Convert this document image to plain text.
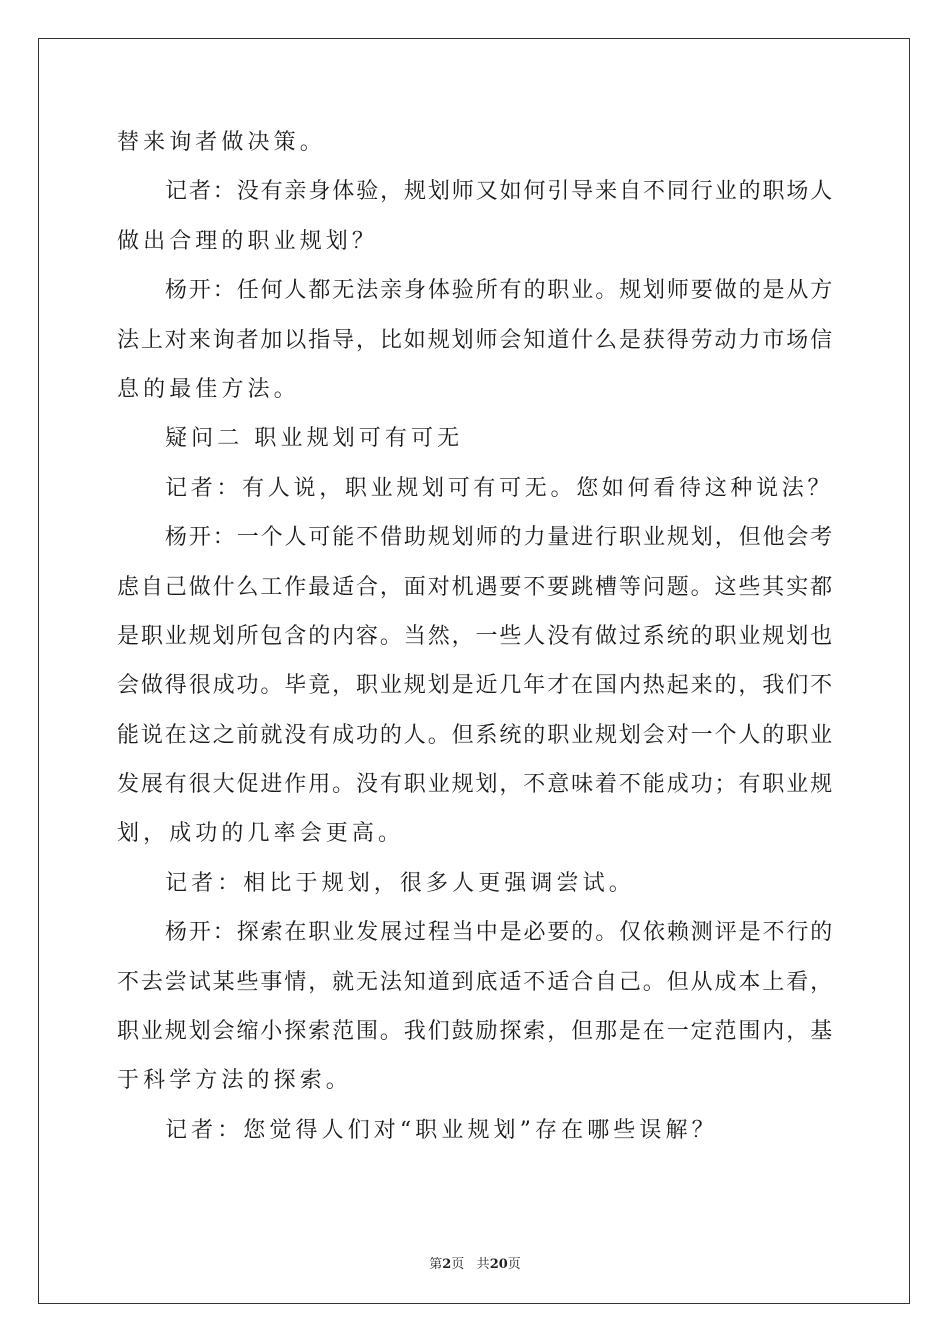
替来询者做决策。
记者：没有亲身体验，规划师又如何引导来自不同行业的职场人
做出合理的职业规划？
杨开：任何人都无法亲身体验所有的职业。规划师要做的是从方
法上对来询者加以指导，比如规划师会知道什么是获得劳动力市场信
息的最佳方法。
疑问二 职业规划可有可无
记者：有人说，职业规划可有可无。您如何看待这种说法？
杨开：一个人可能不借助规划师的力量进行职业规划，但他会考
虑自己做什么工作最适合，面对机遇要不要跳槽等问题。这些其实都
是职业规划所包含的内容。当然，一些人没有做过系统的职业规划也
会做得很成功。毕竟，职业规划是近几年才在国内热起来的，我们不
能说在这之前就没有成功的人。但系统的职业规划会对一个人的职业
发展有很大促进作用。没有职业规划，不意味着不能成功；有职业规
划，成功的几率会更高。
记者：相比于规划，很多人更强调尝试。
杨开：探索在职业发展过程当中是必要的。仅依赖测评是不行的
不去尝试某些事情，就无法知道到底适不适合自己。但从成本上看，
职业规划会缩小探索范围。我们鼓励探索，但那是在一定范围内，基
于科学方法的探索。
记者：您觉得人们对“职业规划”存在哪些误解？
第2页 共20页
